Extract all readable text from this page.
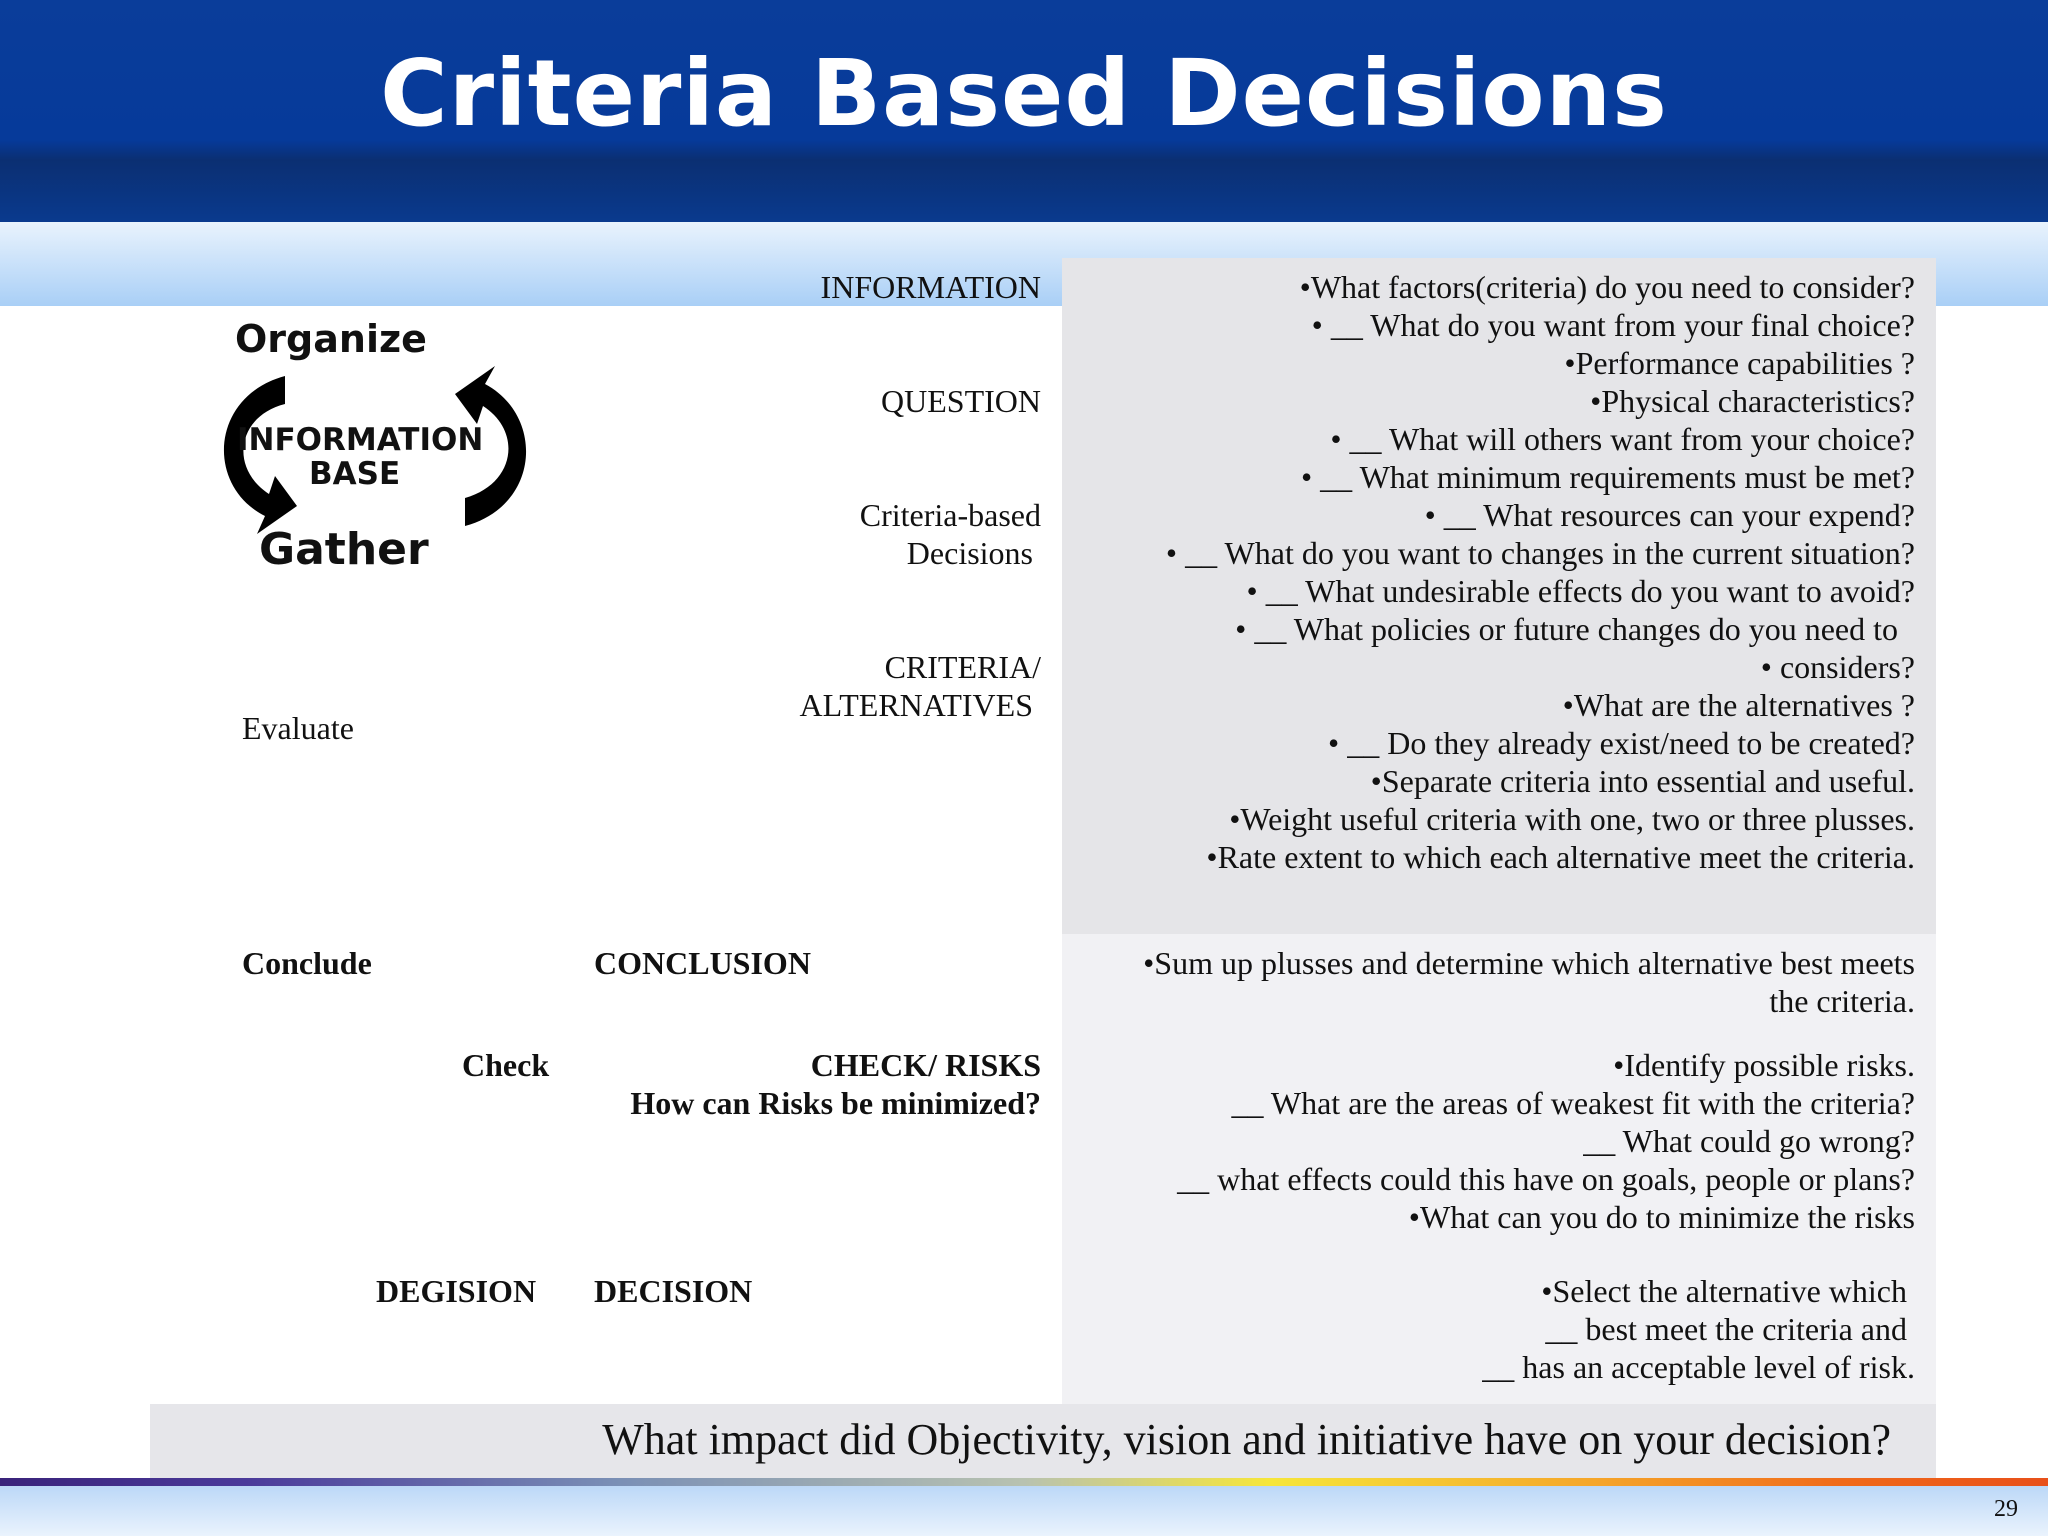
Criteria Based Decisions
Organize
INFORMATION
BASE
Gather
Evaluate
Conclude
Check
DEGISION
INFORMATION
QUESTION
Criteria-based
Decisions
CRITERIA/
ALTERNATIVES
CONCLUSION
CHECK/ RISKS
How can Risks be minimized?
DECISION
•What factors(criteria) do you need to consider?
• __ What do you want from your final choice?
•Performance capabilities ?
•Physical characteristics?
• __ What will others want from your choice?
• __ What minimum requirements must be met?
• __ What resources can your expend?
• __ What do you want to changes in the current situation?
• __ What undesirable effects do you want to avoid?
• __ What policies or future changes do you need to
• considers?
•What are the alternatives ?
• __ Do they already exist/need to be created?
•Separate criteria into essential and useful.
•Weight useful criteria with one, two or three plusses.
•Rate extent to which each alternative meet the criteria.
•Sum up plusses and determine which alternative best meets
the criteria.
•Identify possible risks.
__ What are the areas of weakest fit with the criteria?
__ What could go wrong?
__ what effects could this have on goals, people or plans?
•What can you do to minimize the risks
•Select the alternative which
__ best meet the criteria and
__ has an acceptable level of risk.
What impact did Objectivity, vision and initiative have on your decision?
29
